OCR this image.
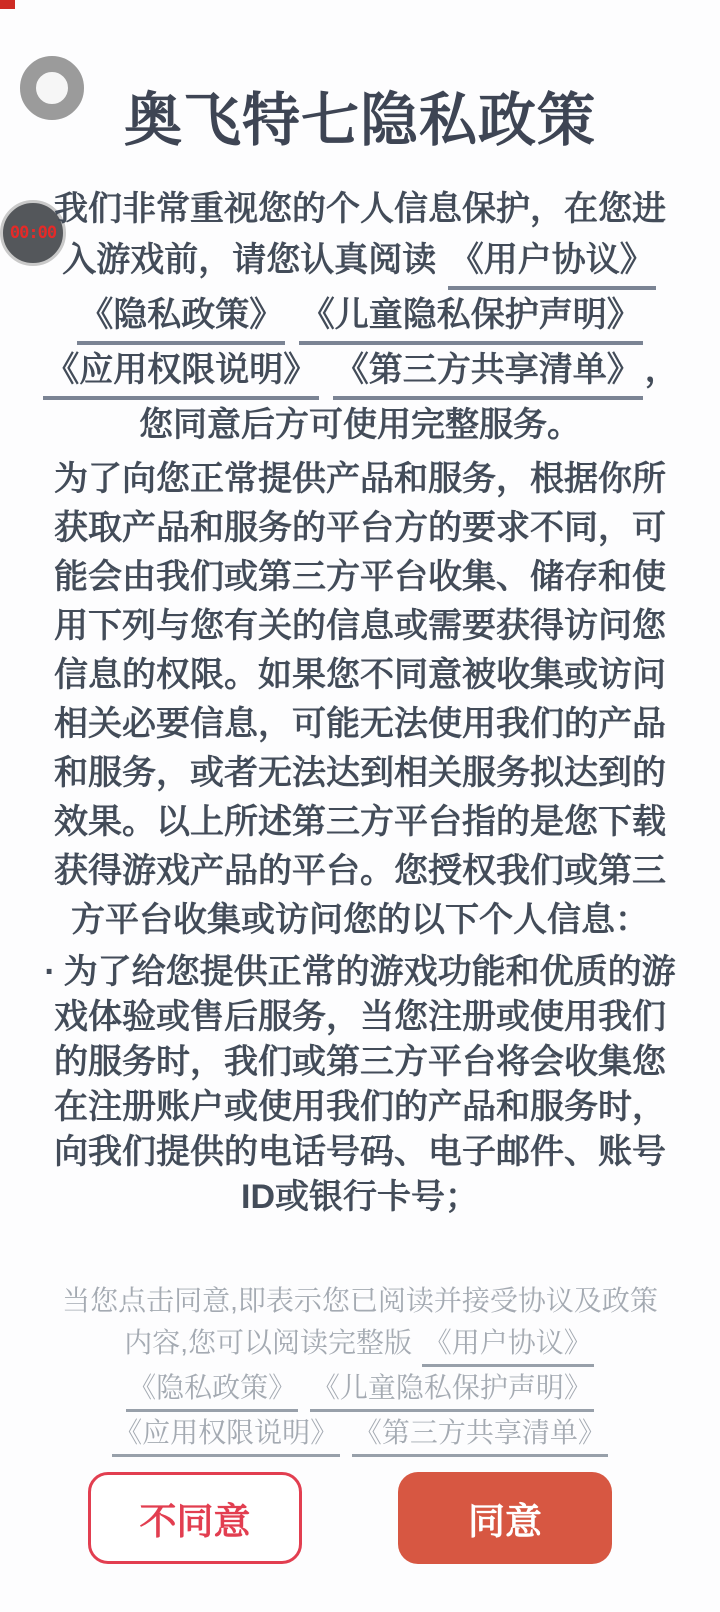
00:00
奥飞特七隐私政策

我们非常重视您的个人信息保护，在您进入游戏前，请您认真阅读 《用户协议》 《隐私政策》 《儿童隐私保护声明》 《应用权限说明》 《第三方共享清单》 ，您同意后方可使用完整服务。

为了向您正常提供产品和服务，根据你所获取产品和服务的平台方的要求不同，可能会由我们或第三方平台收集、储存和使用下列与您有关的信息或需要获得访问您信息的权限。如果您不同意被收集或访问相关必要信息，可能无法使用我们的产品和服务，或者无法达到相关服务拟达到的效果。以上所述第三方平台指的是您下载获得游戏产品的平台。您授权我们或第三方平台收集或访问您的以下个人信息：

· 为了给您提供正常的游戏功能和优质的游戏体验或售后服务，当您注册或使用我们的服务时，我们或第三方平台将会收集您在注册账户或使用我们的产品和服务时，向我们提供的电话号码、电子邮件、账号ID或银行卡号；

当您点击同意,即表示您已阅读并接受协议及政策内容,您可以阅读完整版 《用户协议》 《隐私政策》 《儿童隐私保护声明》 《应用权限说明》 《第三方共享清单》

不同意	同意
